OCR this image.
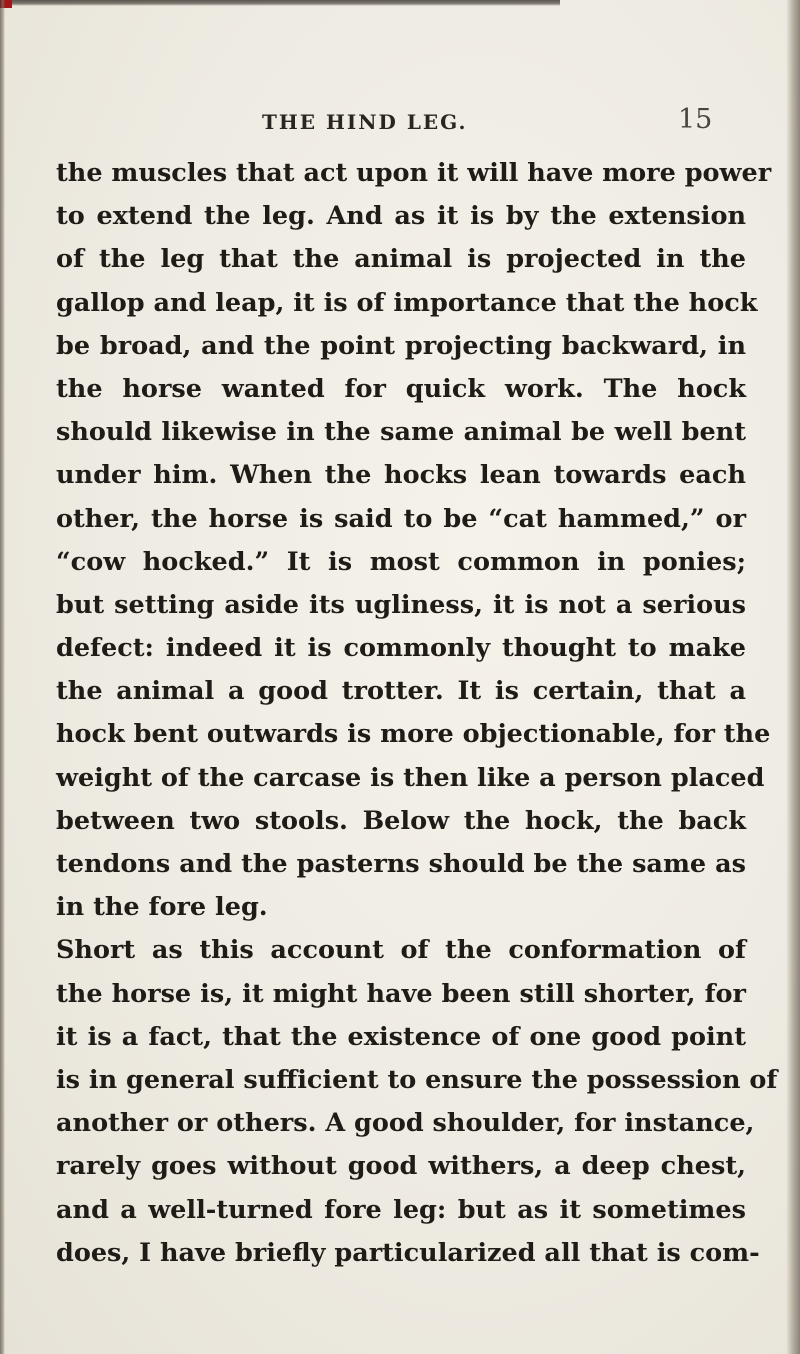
THE HIND LEG.	15
the muscles that act upon it will have more power
to extend the leg. And as it is by the extension
of the leg that the animal is projected in the
gallop and leap, it is of importance that the hock
be broad, and the point projecting backward, in
the horse wanted for quick work. The hock
should likewise in the same animal be well bent
under him. When the hocks lean towards each
other, the horse is said to be “cat hammed,” or
“cow hocked.” It is most common in ponies;
but setting aside its ugliness, it is not a serious
defect: indeed it is commonly thought to make
the animal a good trotter. It is certain, that a
hock bent outwards is more objectionable, for the
weight of the carcase is then like a person placed
between two stools. Below the hock, the back
tendons and the pasterns should be the same as
in the fore leg.
Short as this account of the conformation of
the horse is, it might have been still shorter, for
it is a fact, that the existence of one good point
is in general sufficient to ensure the possession of
another or others. A good shoulder, for instance,
rarely goes without good withers, a deep chest,
and a well-turned fore leg: but as it sometimes
does, I have briefly particularized all that is com-
